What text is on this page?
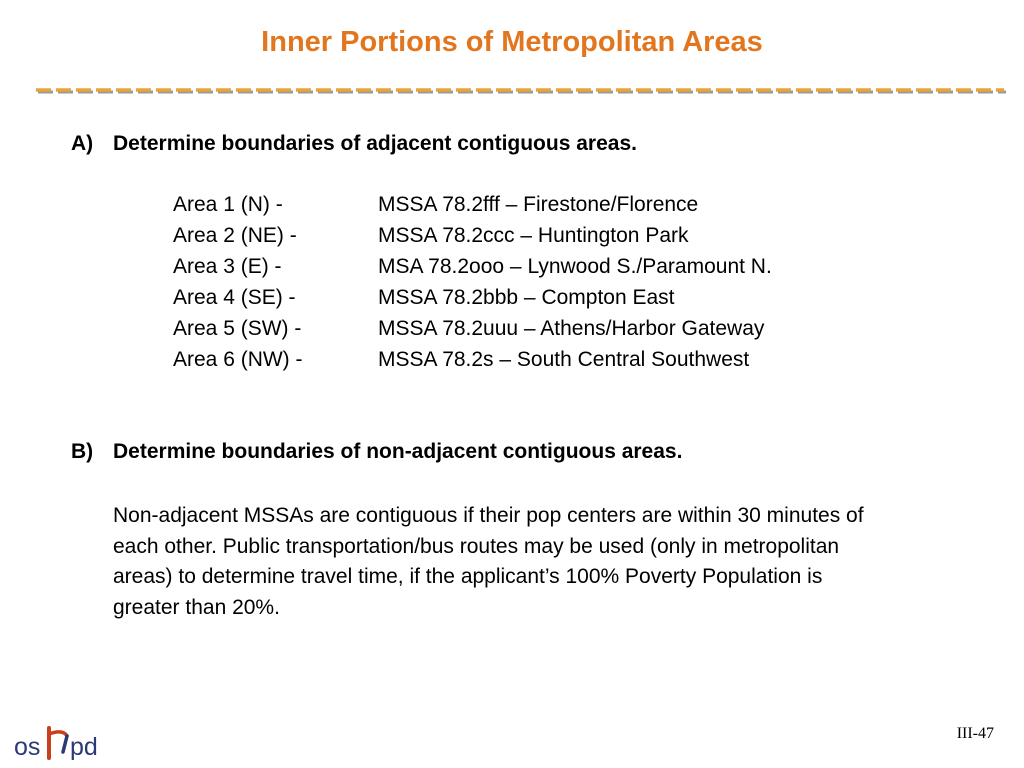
Inner Portions of Metropolitan Areas
A) Determine boundaries of adjacent contiguous areas.
Area 1 (N) -	MSSA 78.2fff – Firestone/Florence
Area 2 (NE) -	MSSA 78.2ccc – Huntington Park
Area 3 (E) -	MSA 78.2ooo – Lynwood S./Paramount N.
Area 4 (SE) -	MSSA 78.2bbb – Compton East
Area 5 (SW) -	MSSA 78.2uuu – Athens/Harbor Gateway
Area 6 (NW) -	MSSA 78.2s – South Central Southwest
B) Determine boundaries of non-adjacent contiguous areas.
Non-adjacent MSSAs are contiguous if their pop centers are within 30 minutes of each other. Public transportation/bus routes may be used (only in metropolitan areas) to determine travel time, if the applicant’s 100% Poverty Population is greater than 20%.
os pd	III-47
